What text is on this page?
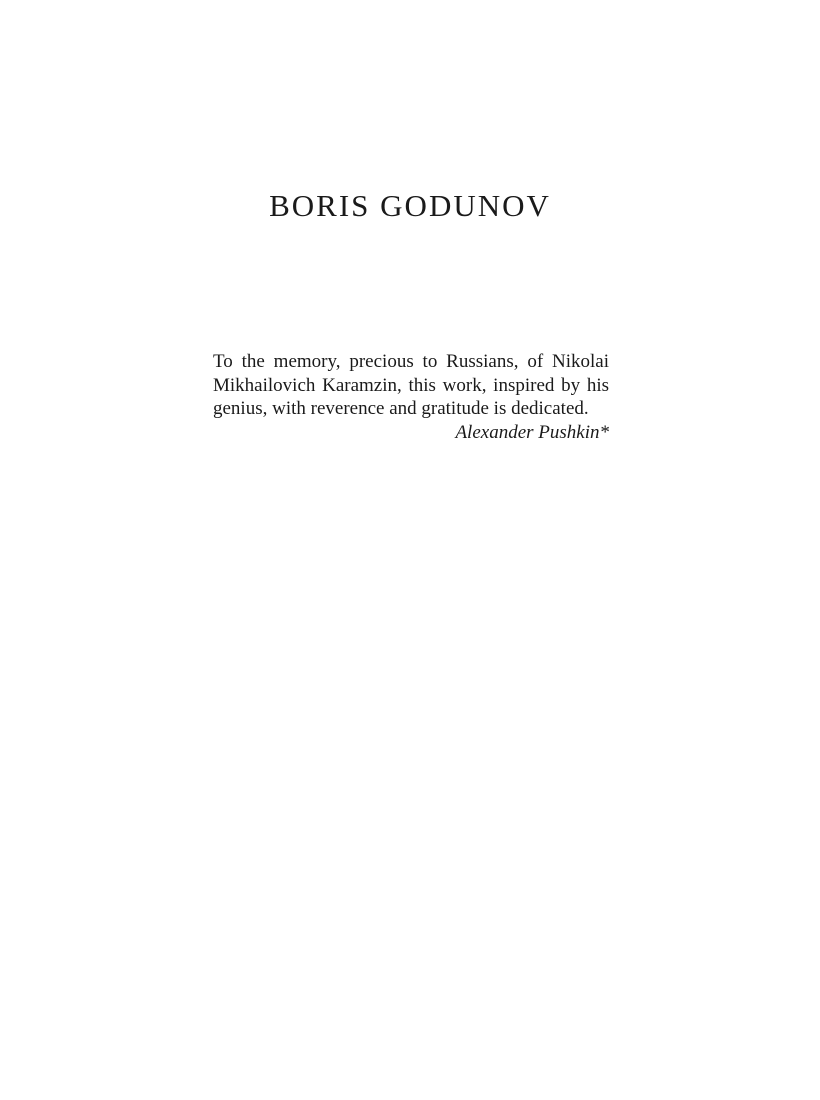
BORIS GODUNOV

To the memory, precious to Russians, of Nikolai Mikhailovich Karamzin, this work, inspired by his genius, with reverence and gratitude is dedicated.

Alexander Pushkin*
